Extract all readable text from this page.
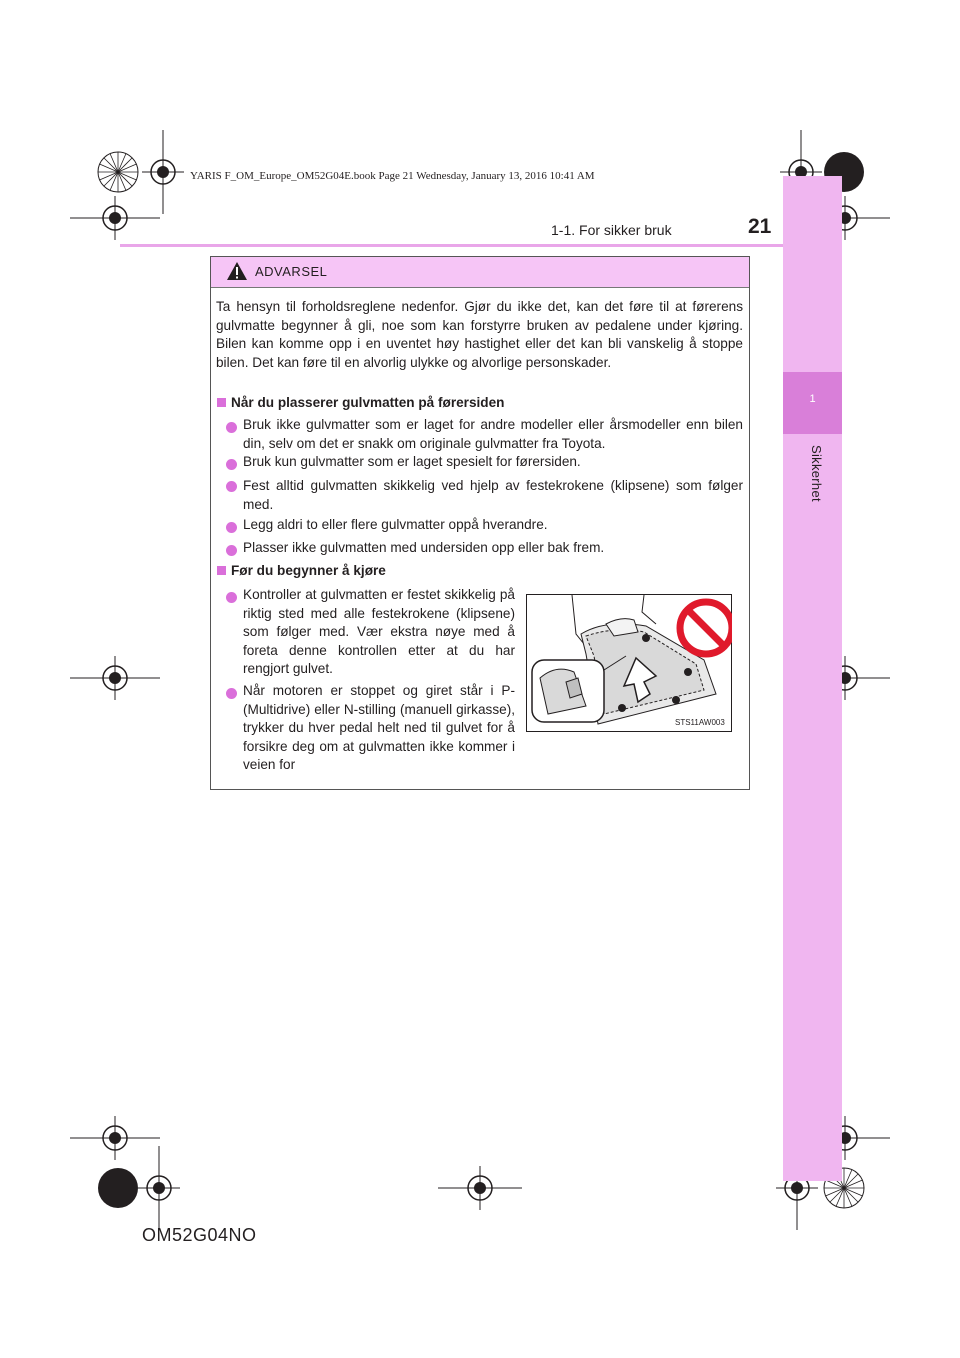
YARIS F_OM_Europe_OM52G04E.book Page 21 Wednesday, January 13, 2016 10:41 AM
1
Sikkerhet
1-1. For sikker bruk	21
ADVARSEL
Ta hensyn til forholdsreglene nedenfor. Gjør du ikke det, kan det føre til at førerens gulvmatte begynner å gli, noe som kan forstyrre bruken av pedalene under kjøring. Bilen kan komme opp i en uventet høy hastighet eller det kan bli vanskelig å stoppe bilen. Det kan føre til en alvorlig ulykke og alvorlige personskader.
Når du plasserer gulvmatten på førersiden
Bruk ikke gulvmatter som er laget for andre modeller eller årsmodeller enn bilen din, selv om det er snakk om originale gulvmatter fra Toyota.
Bruk kun gulvmatter som er laget spesielt for førersiden.
Fest alltid gulvmatten skikkelig ved hjelp av festekrokene (klipsene) som følger med.
Legg aldri to eller flere gulvmatter oppå hverandre.
Plasser ikke gulvmatten med undersiden opp eller bak frem.
Før du begynner å kjøre
Kontroller at gulvmatten er festet skikkelig på riktig sted med alle festekrokene (klipsene) som følger med. Vær ekstra nøye med å foreta denne kontrollen etter at du har rengjort gulvet.
Når motoren er stoppet og giret står i P- (Multidrive) eller N-stilling (manuell girkasse), trykker du hver pedal helt ned til gulvet for å forsikre deg om at gulvmatten ikke kommer i veien for
STS11AW003
OM52G04NO
